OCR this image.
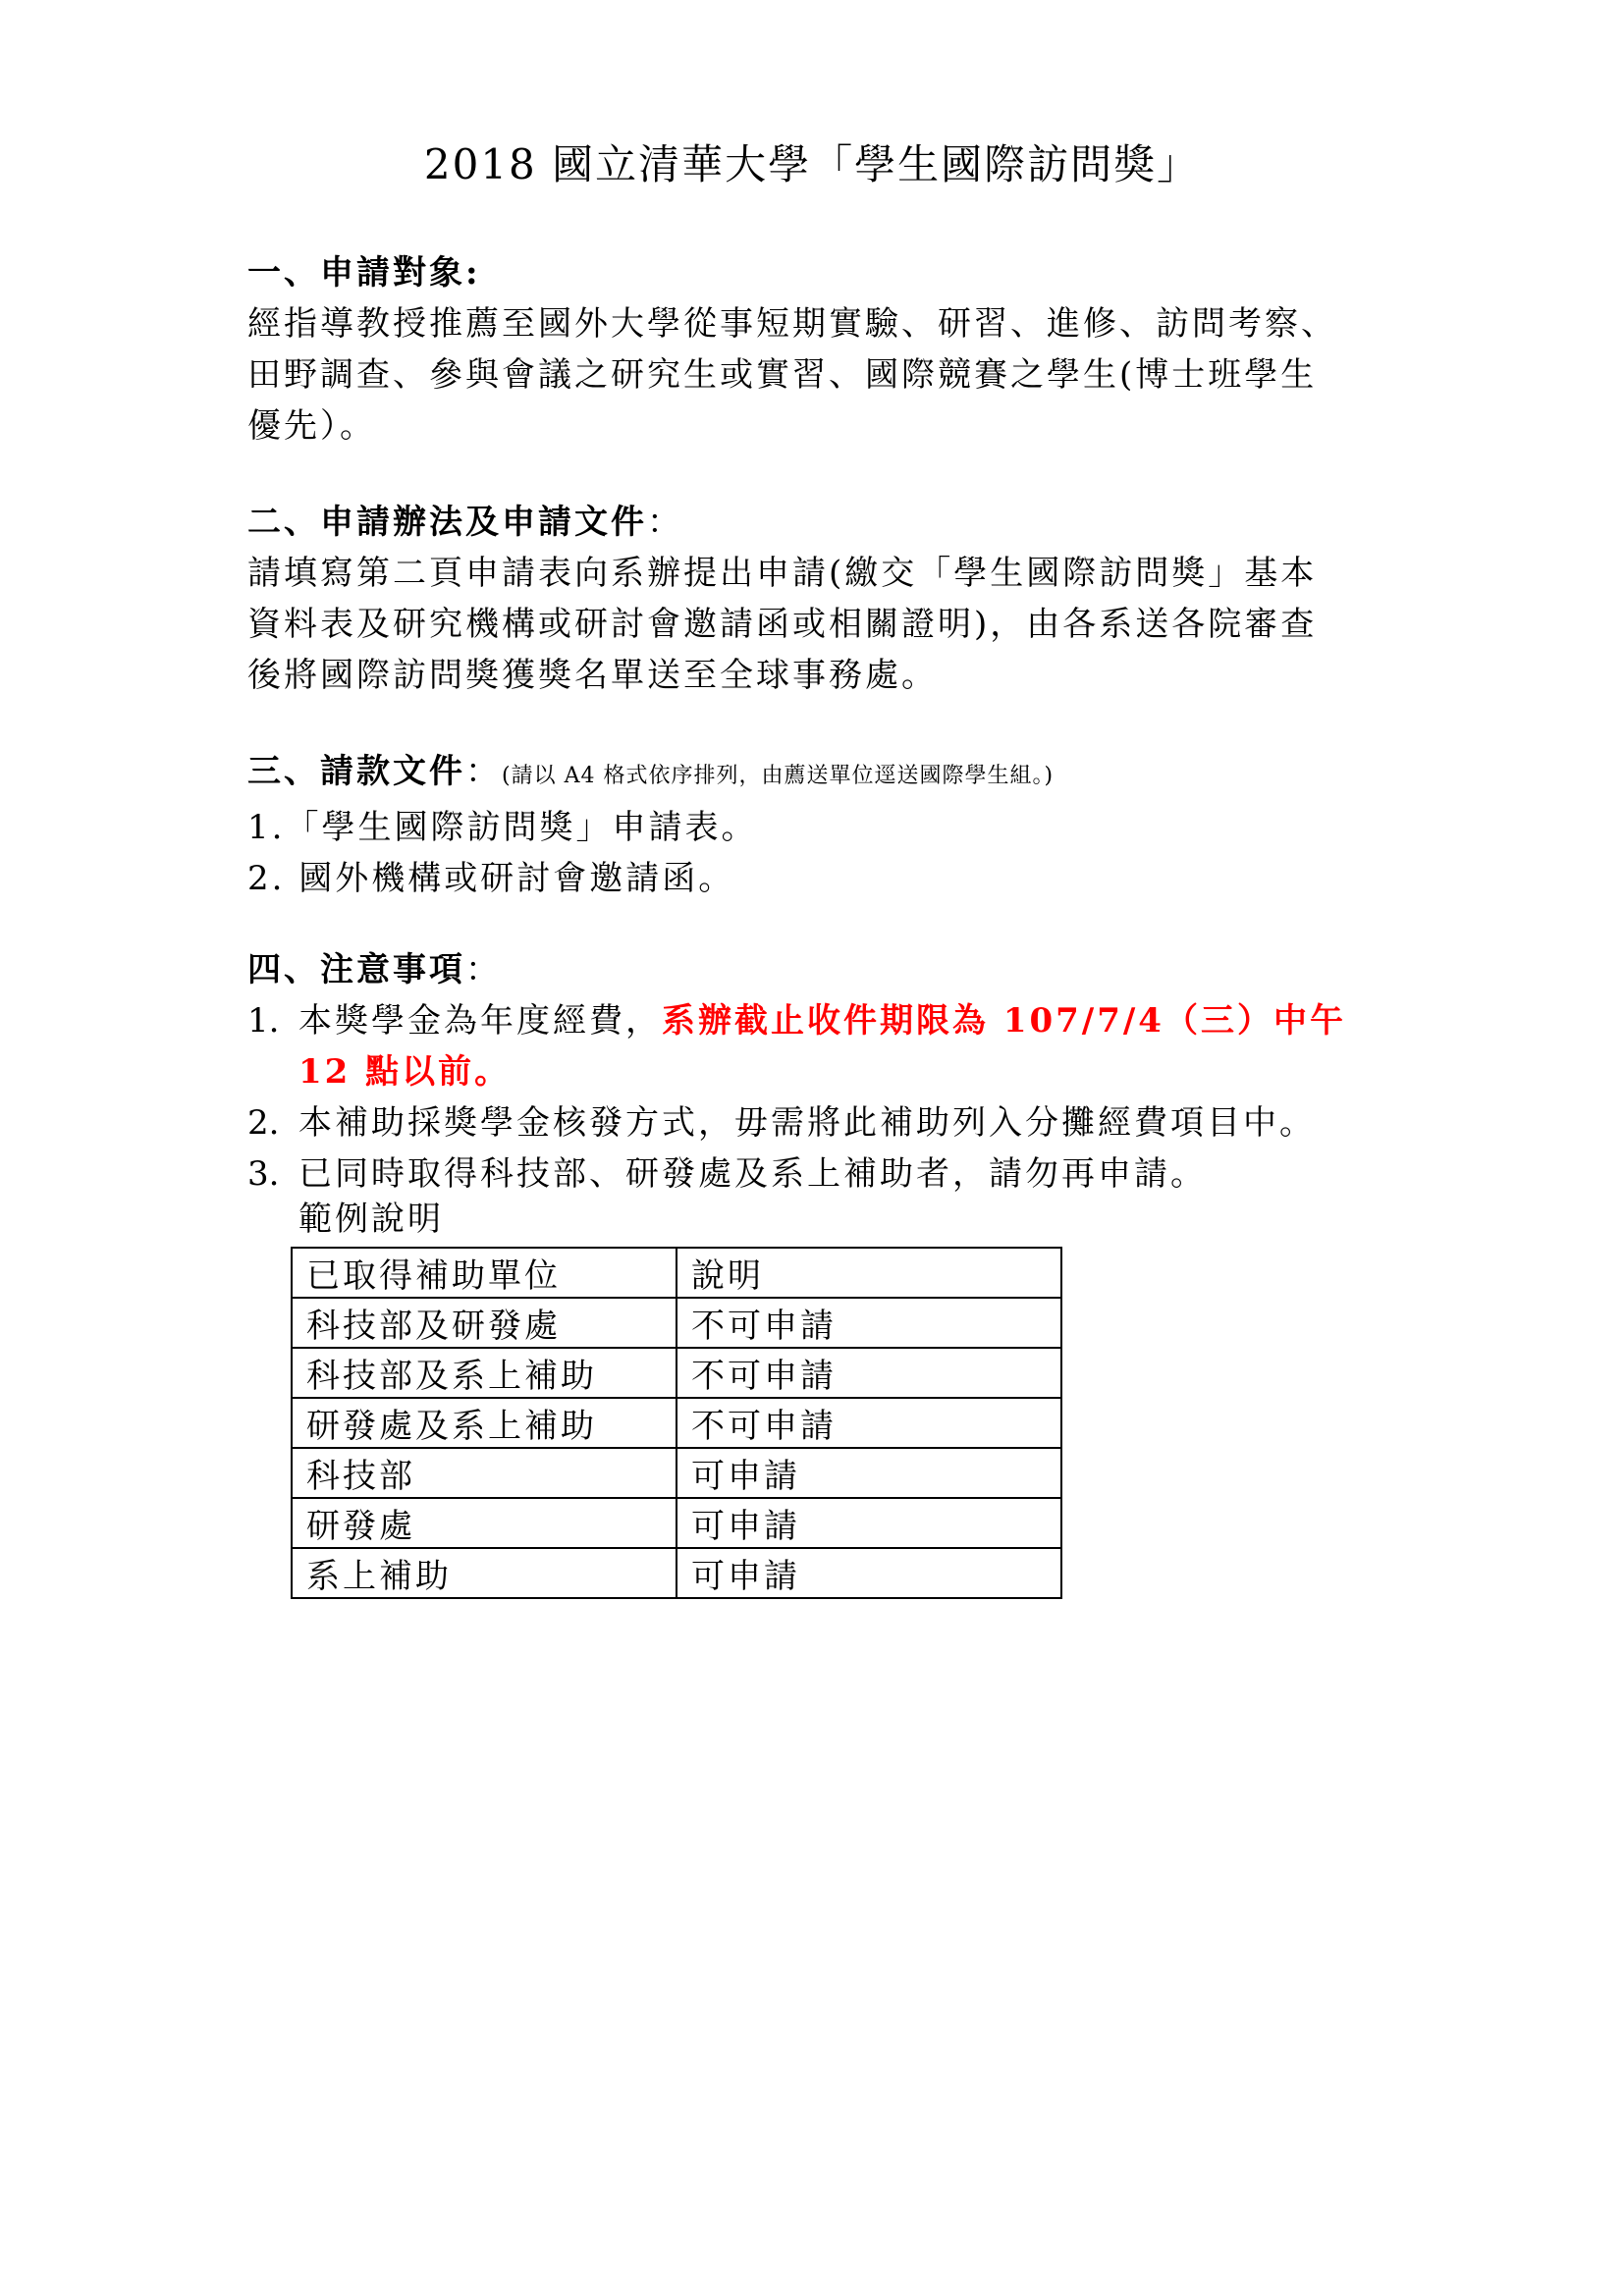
2018 國立清華大學「學生國際訪問獎」

一、申請對象:

經指導教授推薦至國外大學從事短期實驗、研習、進修、訪問考察、

田野調查、參與會議之研究生或實習、國際競賽之學生(博士班學生

優先）。

二、申請辦法及申請文件：

請填寫第二頁申請表向系辦提出申請(繳交「學生國際訪問獎」基本

資料表及研究機構或研討會邀請函或相關證明)，由各系送各院審查

後將國際訪問獎獲獎名單送至全球事務處。

三、請款文件：(請以 A4 格式依序排列，由薦送單位逕送國際學生組。)

1.「學生國際訪問獎」申請表。
2. 國外機構或研討會邀請函。

四、注意事項：

1. 本獎學金為年度經費，系辦截止收件期限為 107/7/4（三）中午 12 點以前。
2. 本補助採獎學金核發方式，毋需將此補助列入分攤經費項目中。
3. 已同時取得科技部、研發處及系上補助者，請勿再申請。
範例說明
已取得補助單位	說明
科技部及研發處	不可申請
科技部及系上補助	不可申請
研發處及系上補助	不可申請
科技部	可申請
研發處	可申請
系上補助	可申請
